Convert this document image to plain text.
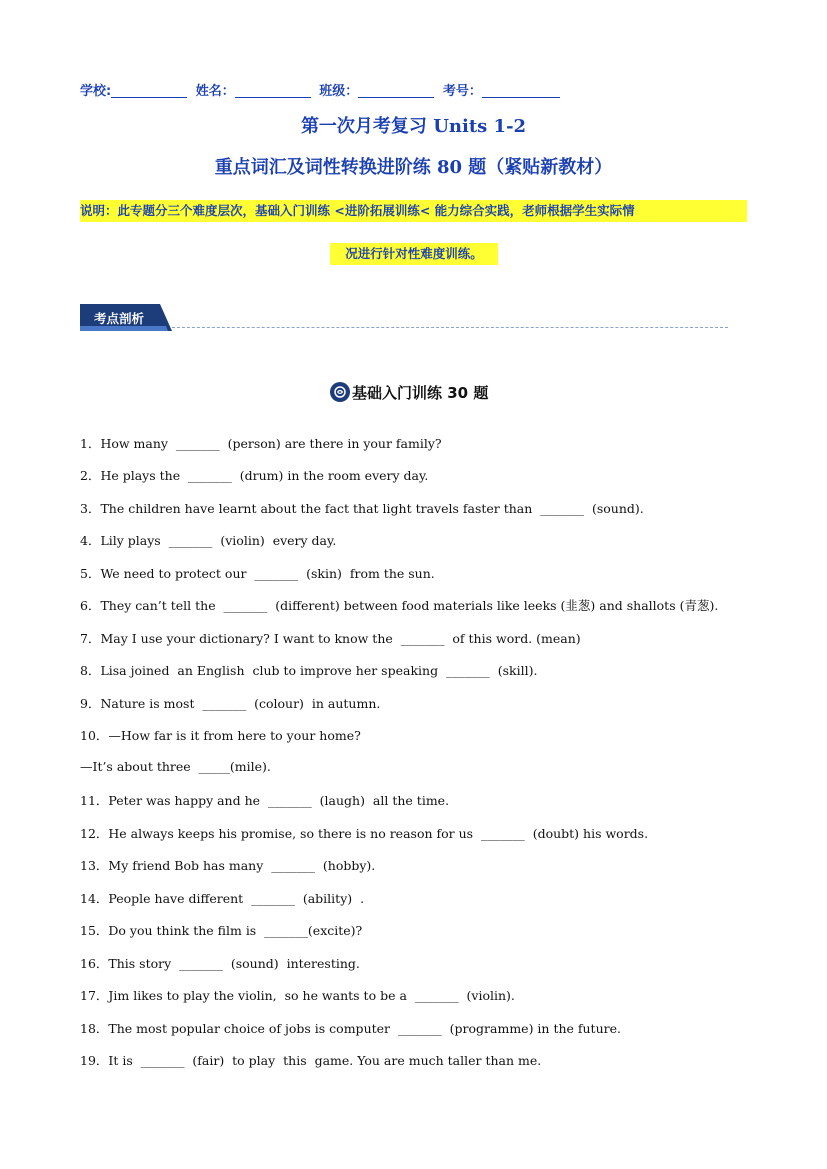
学校:	姓名：	班级：	考号：
第一次月考复习 Units 1-2
重点词汇及词性转换进阶练 80 题（紧贴新教材）
说明：此专题分三个难度层次，基础入门训练 <进阶拓展训练< 能力综合实践，老师根据学生实际情
况进行针对性难度训练。
考点剖析
基础入门训练 30 题
1．How many  _______  (person) are there in your family?
2．He plays the  _______  (drum) in the room every day.
3．The children have learnt about the fact that light travels faster than  _______  (sound).
4．Lily plays  _______  (violin)  every day.
5．We need to protect our  _______  (skin)  from the sun.
6．They can’t tell the  _______  (different) between food materials like leeks (韭葱) and shallots (青葱).
7．May I use your dictionary? I want to know the  _______  of this word. (mean)
8．Lisa joined  an English  club to improve her speaking  _______  (skill).
9．Nature is most  _______  (colour)  in autumn.
10．—How far is it from here to your home?
—It’s about three  _____(mile).
11．Peter was happy and he  _______  (laugh)  all the time.
12．He always keeps his promise, so there is no reason for us  _______  (doubt) his words.
13．My friend Bob has many  _______  (hobby).
14．People have different  _______  (ability)  .
15．Do you think the film is  _______(excite)?
16．This story  _______  (sound)  interesting.
17．Jim likes to play the violin,  so he wants to be a  _______  (violin).
18．The most popular choice of jobs is computer  _______  (programme) in the future.
19．It is  _______  (fair)  to play  this  game. You are much taller than me.
